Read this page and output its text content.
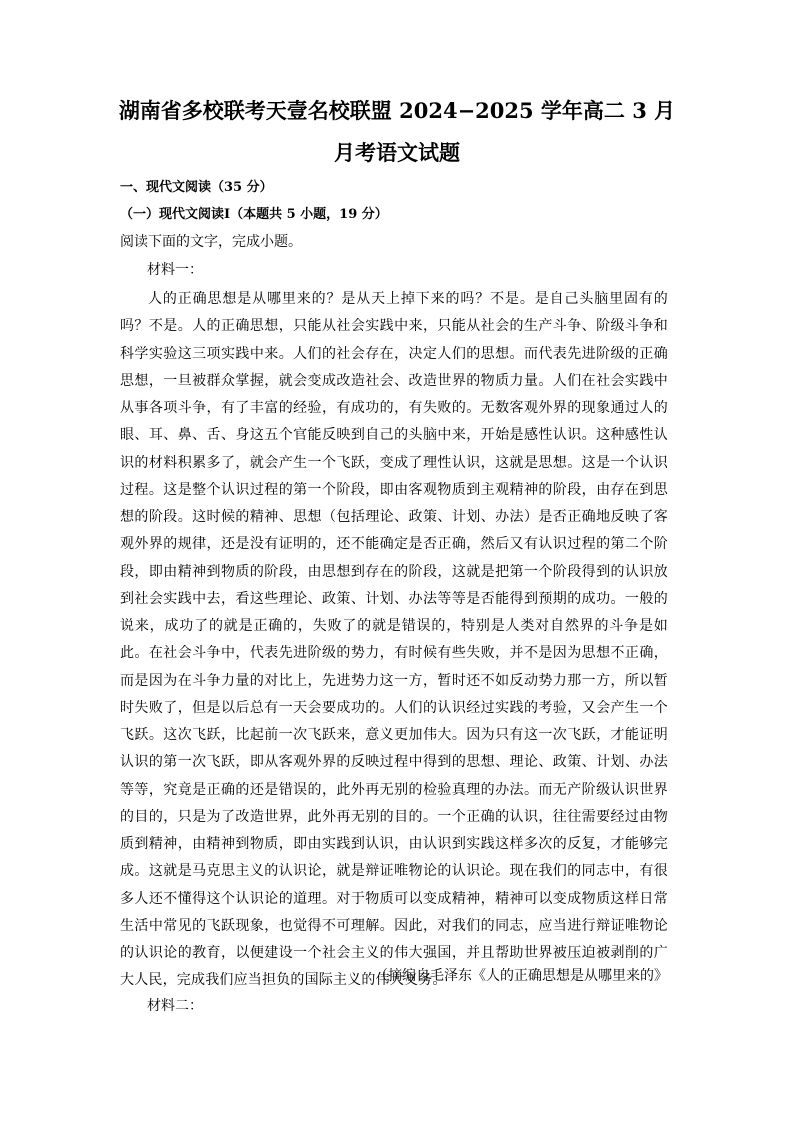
湖南省多校联考天壹名校联盟 2024−2025 学年高二 3 月
月考语文试题
一、现代文阅读（35 分）
（一）现代文阅读Ⅰ（本题共 5 小题，19 分）
阅读下面的文字，完成小题。
材料一：

人的正确思想是从哪里来的？是从天上掉下来的吗？不是。是自己头脑里固有的吗？不是。人的正确思想，只能从社会实践中来，只能从社会的生产斗争、阶级斗争和科学实验这三项实践中来。人们的社会存在，决定人们的思想。而代表先进阶级的正确思想，一旦被群众掌握，就会变成改造社会、改造世界的物质力量。人们在社会实践中从事各项斗争，有了丰富的经验，有成功的，有失败的。无数客观外界的现象通过人的眼、耳、鼻、舌、身这五个官能反映到自己的头脑中来，开始是感性认识。这种感性认识的材料积累多了，就会产生一个飞跃，变成了理性认识，这就是思想。这是一个认识过程。这是整个认识过程的第一个阶段，即由客观物质到主观精神的阶段，由存在到思想的阶段。这时候的精神、思想（包括理论、政策、计划、办法）是否正确地反映了客观外界的规律，还是没有证明的，还不能确定是否正确，然后又有认识过程的第二个阶段，即由精神到物质的阶段，由思想到存在的阶段，这就是把第一个阶段得到的认识放到社会实践中去，看这些理论、政策、计划、办法等等是否能得到预期的成功。一般的说来，成功了的就是正确的，失败了的就是错误的，特别是人类对自然界的斗争是如此。在社会斗争中，代表先进阶级的势力，有时候有些失败，并不是因为思想不正确，而是因为在斗争力量的对比上，先进势力这一方，暂时还不如反动势力那一方，所以暂时失败了，但是以后总有一天会要成功的。人们的认识经过实践的考验，又会产生一个飞跃。这次飞跃，比起前一次飞跃来，意义更加伟大。因为只有这一次飞跃，才能证明认识的第一次飞跃，即从客观外界的反映过程中得到的思想、理论、政策、计划、办法等等，究竟是正确的还是错误的，此外再无别的检验真理的办法。而无产阶级认识世界的目的，只是为了改造世界，此外再无别的目的。一个正确的认识，往往需要经过由物质到精神，由精神到物质，即由实践到认识，由认识到实践这样多次的反复，才能够完成。这就是马克思主义的认识论，就是辩证唯物论的认识论。现在我们的同志中，有很多人还不懂得这个认识论的道理。对于物质可以变成精神，精神可以变成物质这样日常生活中常见的飞跃现象，也觉得不可理解。因此，对我们的同志，应当进行辩证唯物论的认识论的教育，以便建设一个社会主义的伟大强国，并且帮助世界被压迫被剥削的广大人民，完成我们应当担负的国际主义的伟大义务。

（摘编自毛泽东《人的正确思想是从哪里来的》
材料二：
